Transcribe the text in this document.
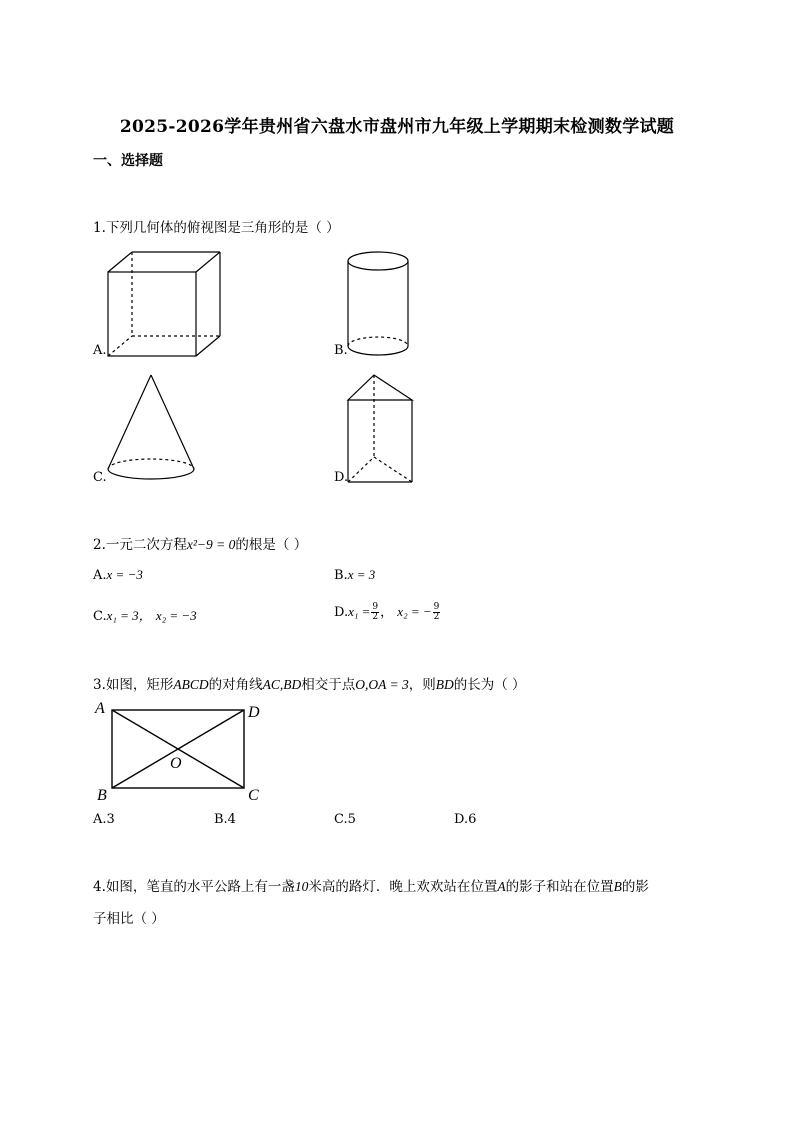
2025-2026学年贵州省六盘水市盘州市九年级上学期期末检测数学试题
一、选择题
1.下列几何体的俯视图是三角形的是（ ）
A.	B.
C.	D.
2.一元二次方程x²−9 = 0的根是（ ）
A.x = −3	B.x = 3
C.x₁ = 3， x₂ = −3	$D.x_1 = \frac{9}{2}$ ， x₂ = − $\frac{9}{2}$
3.如图，矩形ABCD的对角线AC,BD相交于点O,OA = 3，则BD的长为（ ）
A	D
O
B	C
A.3	B.4	C.5	D.6
4.如图，笔直的水平公路上有一盏10米高的路灯．晚上欢欢站在位置A的影子和站在位置B的影
子相比（ ）
